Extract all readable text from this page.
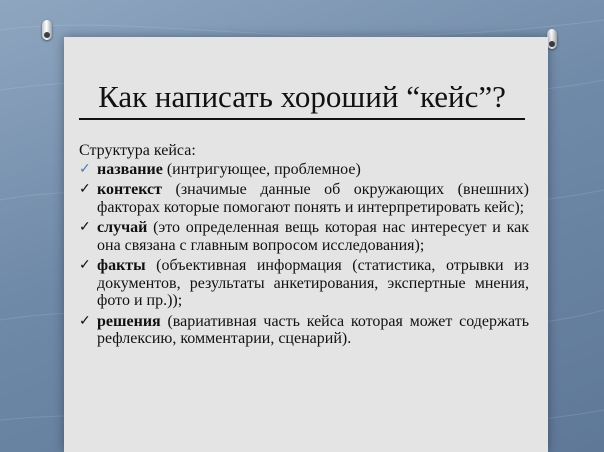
Как написать хороший “кейс”?
Структура кейса:
✓ название (интригующее, проблемное)
✓ контекст (значимые данные об окружающих (внешних) факторах которые помогают понять и интерпретировать кейс);
✓ случай (это определенная вещь которая нас интересует и как она связана с главным вопросом исследования);
✓ факты (объективная информация (статистика, отрывки из документов, результаты анкетирования, экспертные мнения, фото и пр.));
✓ решения (вариативная часть кейса которая может содержать рефлексию, комментарии, сценарий).
